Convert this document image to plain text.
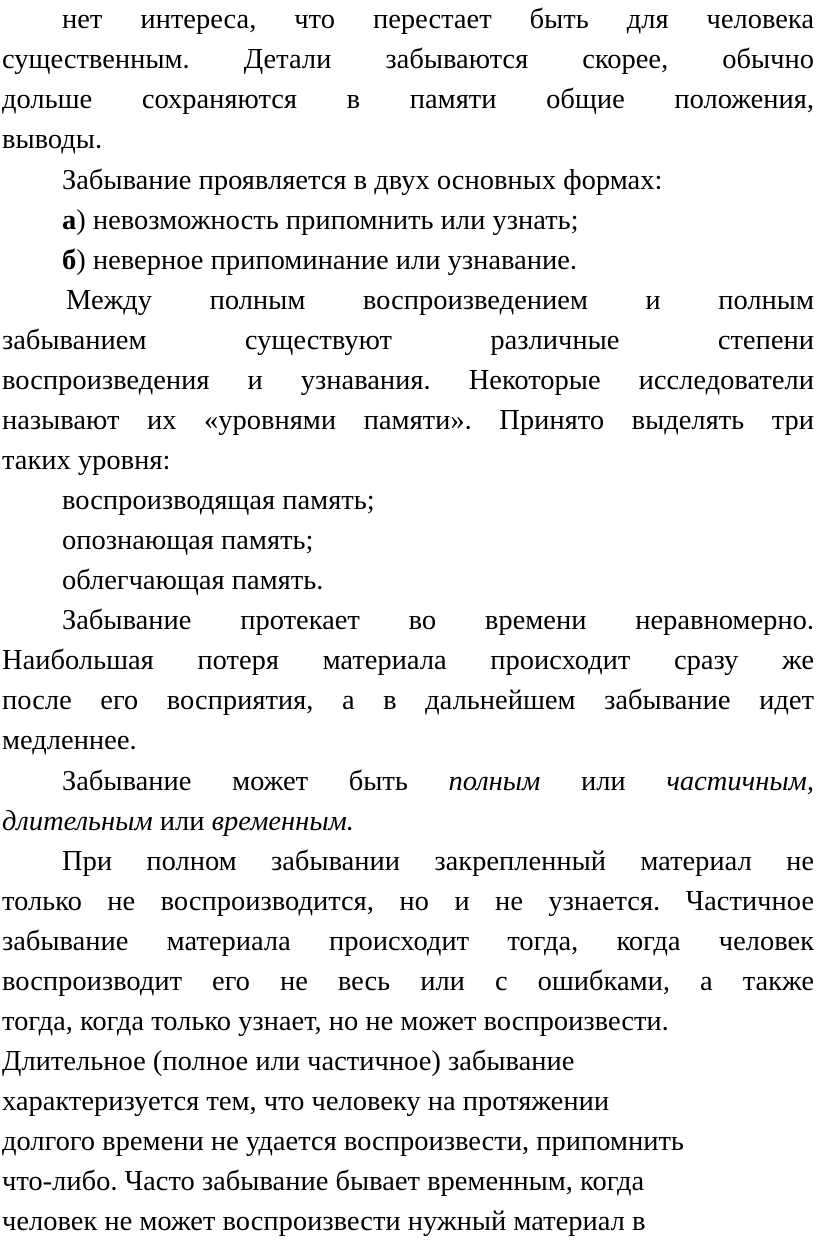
нет интереса, что перестает быть для человека
существенным. Детали забываются скорее, обычно
дольше сохраняются в памяти общие положения,
выводы.
Забывание проявляется в двух основных формах:
а) невозможность припомнить или узнать;
б) неверное припоминание или узнавание.
Между полным воспроизведением и полным
забыванием существуют различные степени
воспроизведения и узнавания. Некоторые исследователи
называют их «уровнями памяти». Принято выделять три
таких уровня:
воспроизводящая память;
опознающая память;
облегчающая память.
Забывание протекает во времени неравномерно.
Наибольшая потеря материала происходит сразу же
после его восприятия, а в дальнейшем забывание идет
медленнее.
Забывание может быть полным или частичным,
длительным или временным.
При полном забывании закрепленный материал не
только не воспроизводится, но и не узнается. Частичное
забывание материала происходит тогда, когда человек
воспроизводит его не весь или с ошибками, а также
тогда, когда только узнает, но не может воспроизвести.
Длительное (полное или частичное) забывание
характеризуется тем, что человеку на протяжении
долгого времени не удается воспроизвести, припомнить
что-либо. Часто забывание бывает временным, когда
человек не может воспроизвести нужный материал в
